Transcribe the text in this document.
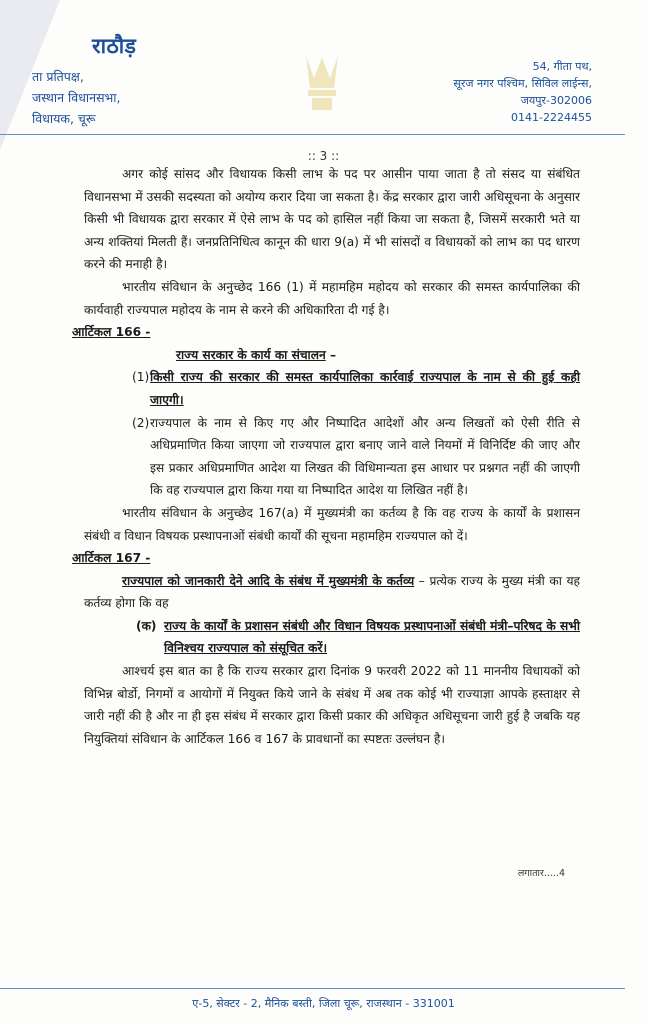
राठौड़
ता प्रतिपक्ष,
जस्थान विधानसभा,
विधायक, चूरू
54, गीता पथ,
सूरज नगर पश्चिम, सिविल लाईन्स,
जयपुर-302006
0141-2224455
:: 3 ::

अगर कोई सांसद और विधायक किसी लाभ के पद पर आसीन पाया जाता है तो संसद या संबंधित विधानसभा में उसकी सदस्यता को अयोग्य करार दिया जा सकता है। केंद्र सरकार द्वारा जारी अधिसूचना के अनुसार किसी भी विधायक द्वारा सरकार में ऐसे लाभ के पद को हासिल नहीं किया जा सकता है, जिसमें सरकारी भते या अन्य शक्तियां मिलती हैं। जनप्रतिनिधित्व कानून की धारा 9(a) में भी सांसदों व विधायकों को लाभ का पद धारण करने की मनाही है।

भारतीय संविधान के अनुच्छेद 166 (1) में महामहिम महोदय को सरकार की समस्त कार्यपालिका की कार्यवाही राज्यपाल महोदय के नाम से करने की अधिकारिता दी गई है।

आर्टिकल 166 -

राज्य सरकार के कार्य का संचालन –

(1) किसी राज्य की सरकार की समस्त कार्यपालिका कार्रवाई राज्यपाल के नाम से की हुई कही जाएगी।

(2) राज्यपाल के नाम से किए गए और निष्पादित आदेशों और अन्य लिखतों को ऐसी रीति से अधिप्रमाणित किया जाएगा जो राज्यपाल द्वारा बनाए जाने वाले नियमों में विनिर्दिष्ट की जाए और इस प्रकार अधिप्रमाणित आदेश या लिखत की विधिमान्यता इस आधार पर प्रश्नगत नहीं की जाएगी कि वह राज्यपाल द्वारा किया गया या निष्पादित आदेश या लिखित नहीं है।

भारतीय संविधान के अनुच्छेद 167(a) में मुख्यमंत्री का कर्तव्य है कि वह राज्य के कार्यों के प्रशासन संबंधी व विधान विषयक प्रस्थापनाओं संबंधी कार्यों की सूचना महामहिम राज्यपाल को दें।

आर्टिकल 167 -

राज्यपाल को जानकारी देने आदि के संबंध में मुख्यमंत्री के कर्तव्य – प्रत्येक राज्य के मुख्य मंत्री का यह कर्तव्य होगा कि वह

(क) राज्य के कार्यों के प्रशासन संबंधी और विधान विषयक प्रस्थापनाओं संबंधी मंत्री–परिषद के सभी विनिश्चय राज्यपाल को संसूचित करें।

आश्चर्य इस बात का है कि राज्य सरकार द्वारा दिनांक 9 फरवरी 2022 को 11 माननीय विधायकों को विभिन्न बोर्डो, निगमों व आयोगों में नियुक्त किये जाने के संबंध में अब तक कोई भी राज्याज्ञा आपके हस्ताक्षर से जारी नहीं की है और ना ही इस संबंध में सरकार द्वारा किसी प्रकार की अधिकृत अधिसूचना जारी हुई है जबकि यह नियुक्तियां संविधान के आर्टिकल 166 व 167 के प्रावधानों का स्पष्टतः उल्लंघन है।

लगातार.....4
ए-5, सेक्टर - 2, मैनिक बस्ती, जिला चूरू, राजस्थान - 331001
